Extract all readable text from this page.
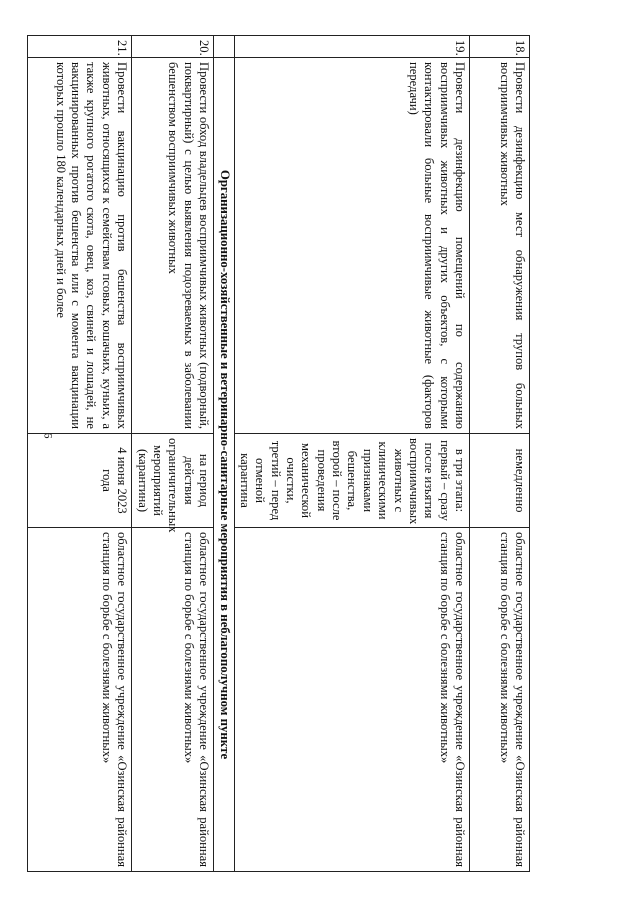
6
18.	Провести дезинфекцию мест обнаружения трупов больных восприимчивых животных	немедленно	областное государственное учреждение «Озинская районная станция по борьбе с болезнями животных»
19.	Провести дезинфекцию помещений по содержанию восприимчивых животных и других объектов, с которыми контактировали больные восприимчивые животные (факторов передачи)	в три этапа: первый – сразу после изъятия восприимчивых животных с клиническими признаками бешенства, второй – после проведения механической очистки, третий – перед отменой карантина	областное государственное учреждение «Озинская районная станция по борьбе с болезнями животных»
	Организационно-хозяйственные и ветеринарно-санитарные мероприятия в неблагополучном пункте		
20.	Провести обход владельцев восприимчивых животных (подворный, поквартирный) с целью выявления подозреваемых в заболевании бешенством восприимчивых животных	на период действия ограничительных мероприятий (карантина)	областное государственное учреждение «Озинская районная станция по борьбе с болезнями животных»
21.	Провести вакцинацию против бешенства восприимчивых животных, относящихся к семействам псовых, кошачьих, куньих, а также крупного рогатого скота, овец, коз, свиней и лошадей, не вакцинированных против бешенства или с момента вакцинации которых прошло 180 календарных дней и более	4 июня 2023 года	областное государственное учреждение «Озинская районная станция по борьбе с болезнями животных»
